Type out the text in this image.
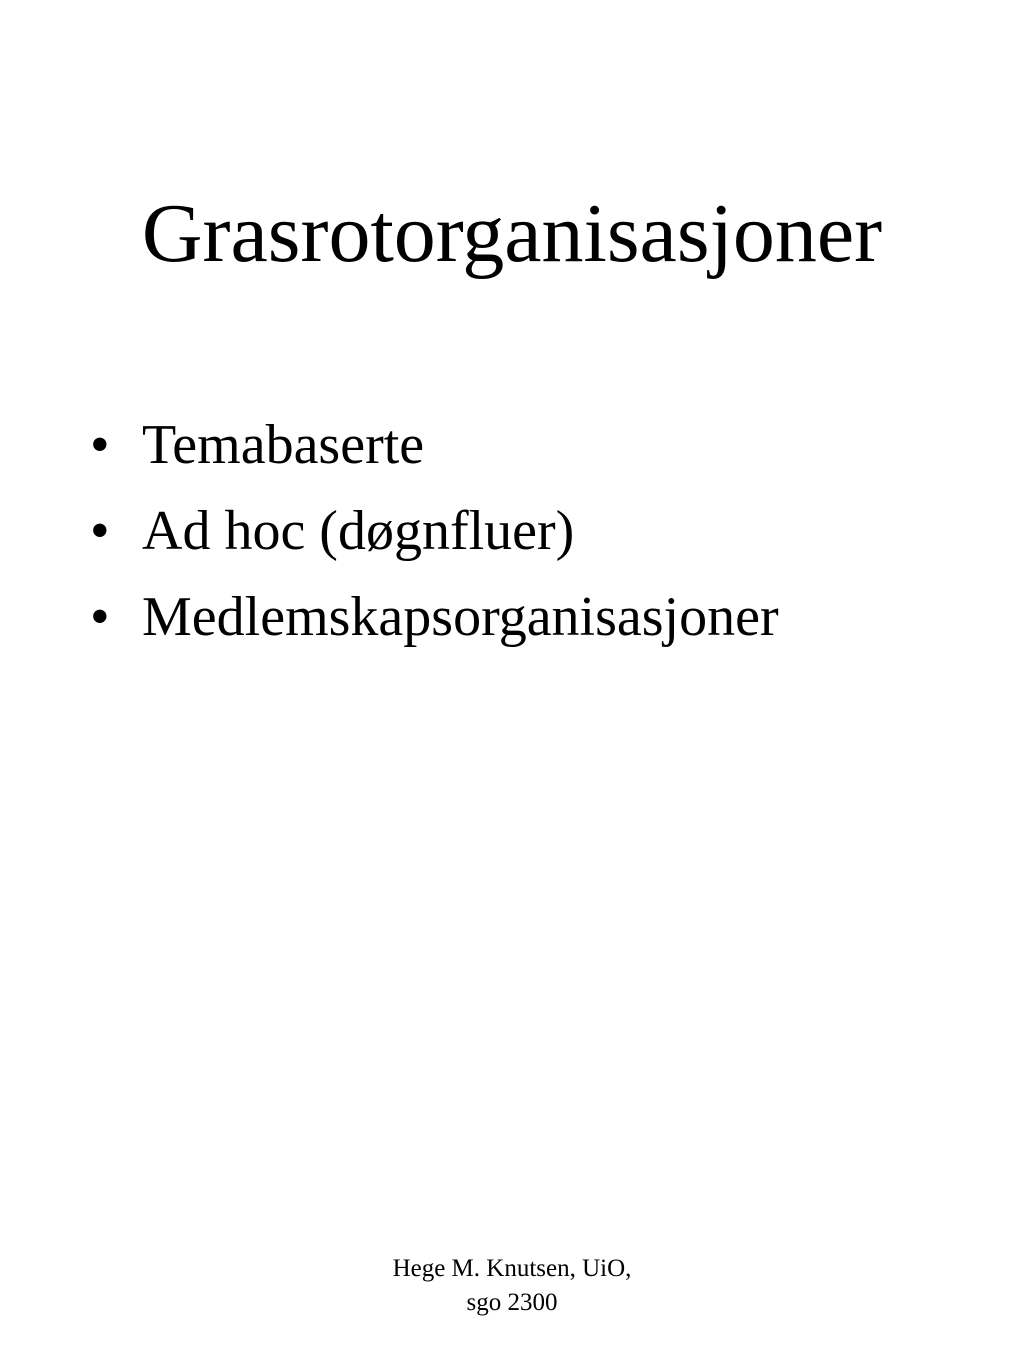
Grasrotorganisasjoner
• Temabaserte
• Ad hoc (døgnfluer)
• Medlemskapsorganisasjoner
Hege M. Knutsen, UiO,
sgo 2300
